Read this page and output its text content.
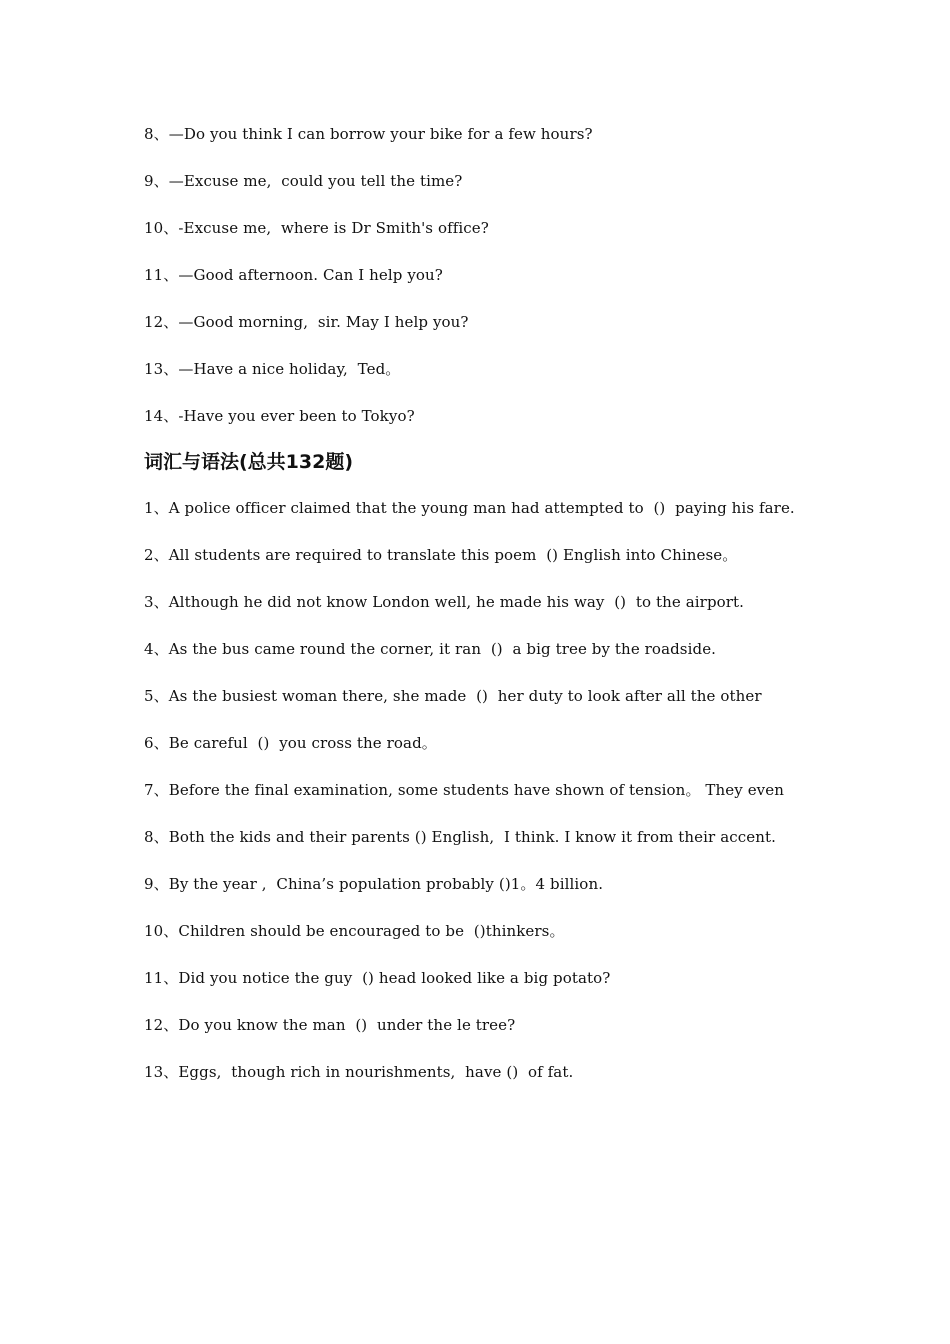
8、—Do you think I can borrow your bike for a few hours?
9、—Excuse me,  could you tell the time?
10、-Excuse me,  where is Dr Smith's office?
11、—Good afternoon. Can I help you?
12、—Good morning,  sir. May I help you?
13、—Have a nice holiday,  Ted。
14、-Have you ever been to Tokyo?
词汇与语法(总共132题)
1、A police officer claimed that the young man had attempted to  ()  paying his fare.
2、All students are required to translate this poem  () English into Chinese。
3、Although he did not know London well, he made his way  ()  to the airport.
4、As the bus came round the corner, it ran  ()  a big tree by the roadside.
5、As the busiest woman there, she made  ()  her duty to look after all the other
6、Be careful  ()  you cross the road。
7、Before the final examination, some students have shown of tension。 They even
8、Both the kids and their parents () English,  I think. I know it from their accent.
9、By the year ,  China’s population probably ()1。4 billion.
10、Children should be encouraged to be  ()thinkers。
11、Did you notice the guy  () head looked like a big potato?
12、Do you know the man  ()  under the le tree?
13、Eggs,  though rich in nourishments,  have ()  of fat.
